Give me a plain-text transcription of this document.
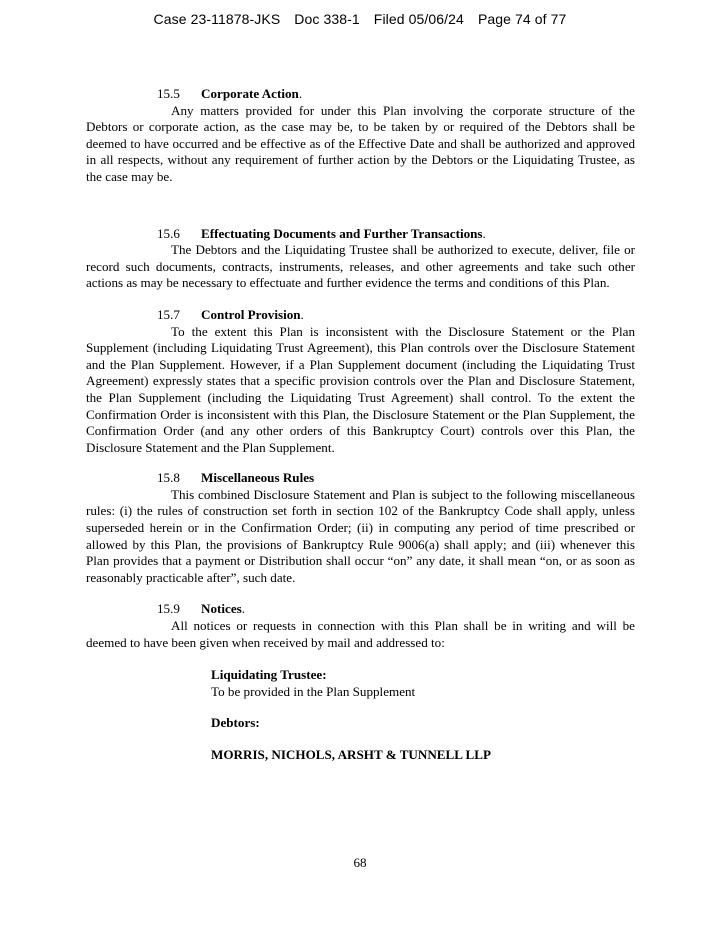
Case 23-11878-JKS Doc 338-1 Filed 05/06/24 Page 74 of 77
15.5 Corporate Action.

Any matters provided for under this Plan involving the corporate structure of the Debtors or corporate action, as the case may be, to be taken by or required of the Debtors shall be deemed to have occurred and be effective as of the Effective Date and shall be authorized and approved in all respects, without any requirement of further action by the Debtors or the Liquidating Trustee, as the case may be.

15.6 Effectuating Documents and Further Transactions.

The Debtors and the Liquidating Trustee shall be authorized to execute, deliver, file or record such documents, contracts, instruments, releases, and other agreements and take such other actions as may be necessary to effectuate and further evidence the terms and conditions of this Plan.

15.7 Control Provision.

To the extent this Plan is inconsistent with the Disclosure Statement or the Plan Supplement (including Liquidating Trust Agreement), this Plan controls over the Disclosure Statement and the Plan Supplement. However, if a Plan Supplement document (including the Liquidating Trust Agreement) expressly states that a specific provision controls over the Plan and Disclosure Statement, the Plan Supplement (including the Liquidating Trust Agreement) shall control. To the extent the Confirmation Order is inconsistent with this Plan, the Disclosure Statement or the Plan Supplement, the Confirmation Order (and any other orders of this Bankruptcy Court) controls over this Plan, the Disclosure Statement and the Plan Supplement.

15.8 Miscellaneous Rules

This combined Disclosure Statement and Plan is subject to the following miscellaneous rules: (i) the rules of construction set forth in section 102 of the Bankruptcy Code shall apply, unless superseded herein or in the Confirmation Order; (ii) in computing any period of time prescribed or allowed by this Plan, the provisions of Bankruptcy Rule 9006(a) shall apply; and (iii) whenever this Plan provides that a payment or Distribution shall occur “on” any date, it shall mean “on, or as soon as reasonably practicable after”, such date.

15.9 Notices.

All notices or requests in connection with this Plan shall be in writing and will be deemed to have been given when received by mail and addressed to:

Liquidating Trustee:
To be provided in the Plan Supplement
Debtors:
MORRIS, NICHOLS, ARSHT & TUNNELL LLP
68
